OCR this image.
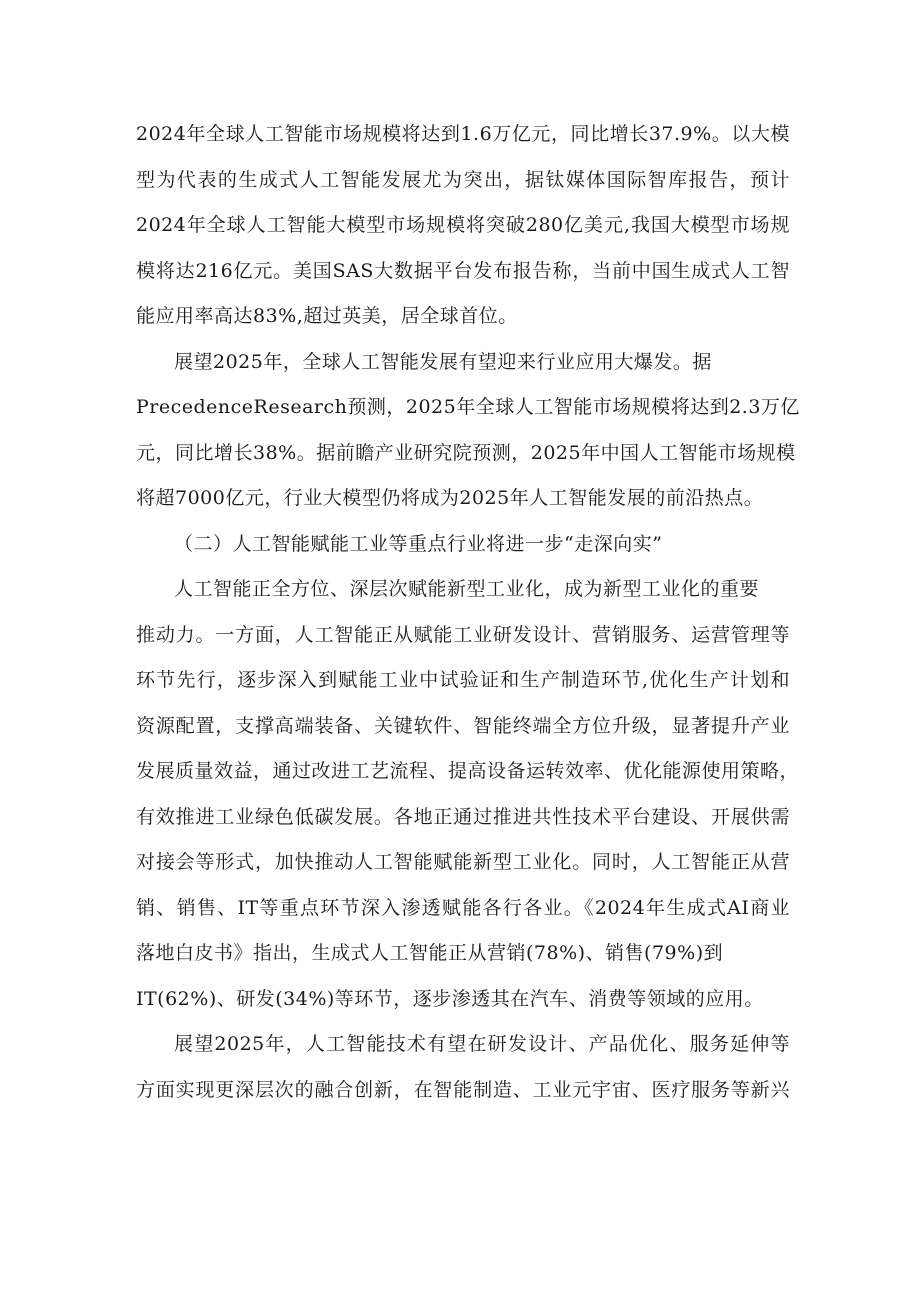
2024年全球人工智能市场规模将达到1.6万亿元，同比增长37.9%。以大模
型为代表的生成式人工智能发展尤为突出，据钛媒体国际智库报告，预计
2024年全球人工智能大模型市场规模将突破280亿美元,我国大模型市场规
模将达216亿元。美国SAS大数据平台发布报告称，当前中国生成式人工智
能应用率高达83%,超过英美，居全球首位。
展望2025年，全球人工智能发展有望迎来行业应用大爆发。据
PrecedenceResearch预测，2025年全球人工智能市场规模将达到2.3万亿
元，同比增长38%。据前瞻产业研究院预测，2025年中国人工智能市场规模
将超7000亿元，行业大模型仍将成为2025年人工智能发展的前沿热点。
（二）人工智能赋能工业等重点行业将进一步“走深向实”
人工智能正全方位、深层次赋能新型工业化，成为新型工业化的重要
推动力。一方面，人工智能正从赋能工业研发设计、营销服务、运营管理等
环节先行，逐步深入到赋能工业中试验证和生产制造环节,优化生产计划和
资源配置，支撑高端装备、关键软件、智能终端全方位升级，显著提升产业
发展质量效益，通过改进工艺流程、提高设备运转效率、优化能源使用策略，
有效推进工业绿色低碳发展。各地正通过推进共性技术平台建设、开展供需
对接会等形式，加快推动人工智能赋能新型工业化。同时，人工智能正从营
销、销售、IT等重点环节深入渗透赋能各行各业。《2024年生成式AI商业
落地白皮书》指出，生成式人工智能正从营销(78%)、销售(79%)到
IT(62%)、研发(34%)等环节，逐步渗透其在汽车、消费等领域的应用。
展望2025年，人工智能技术有望在研发设计、产品优化、服务延伸等
方面实现更深层次的融合创新，在智能制造、工业元宇宙、医疗服务等新兴
